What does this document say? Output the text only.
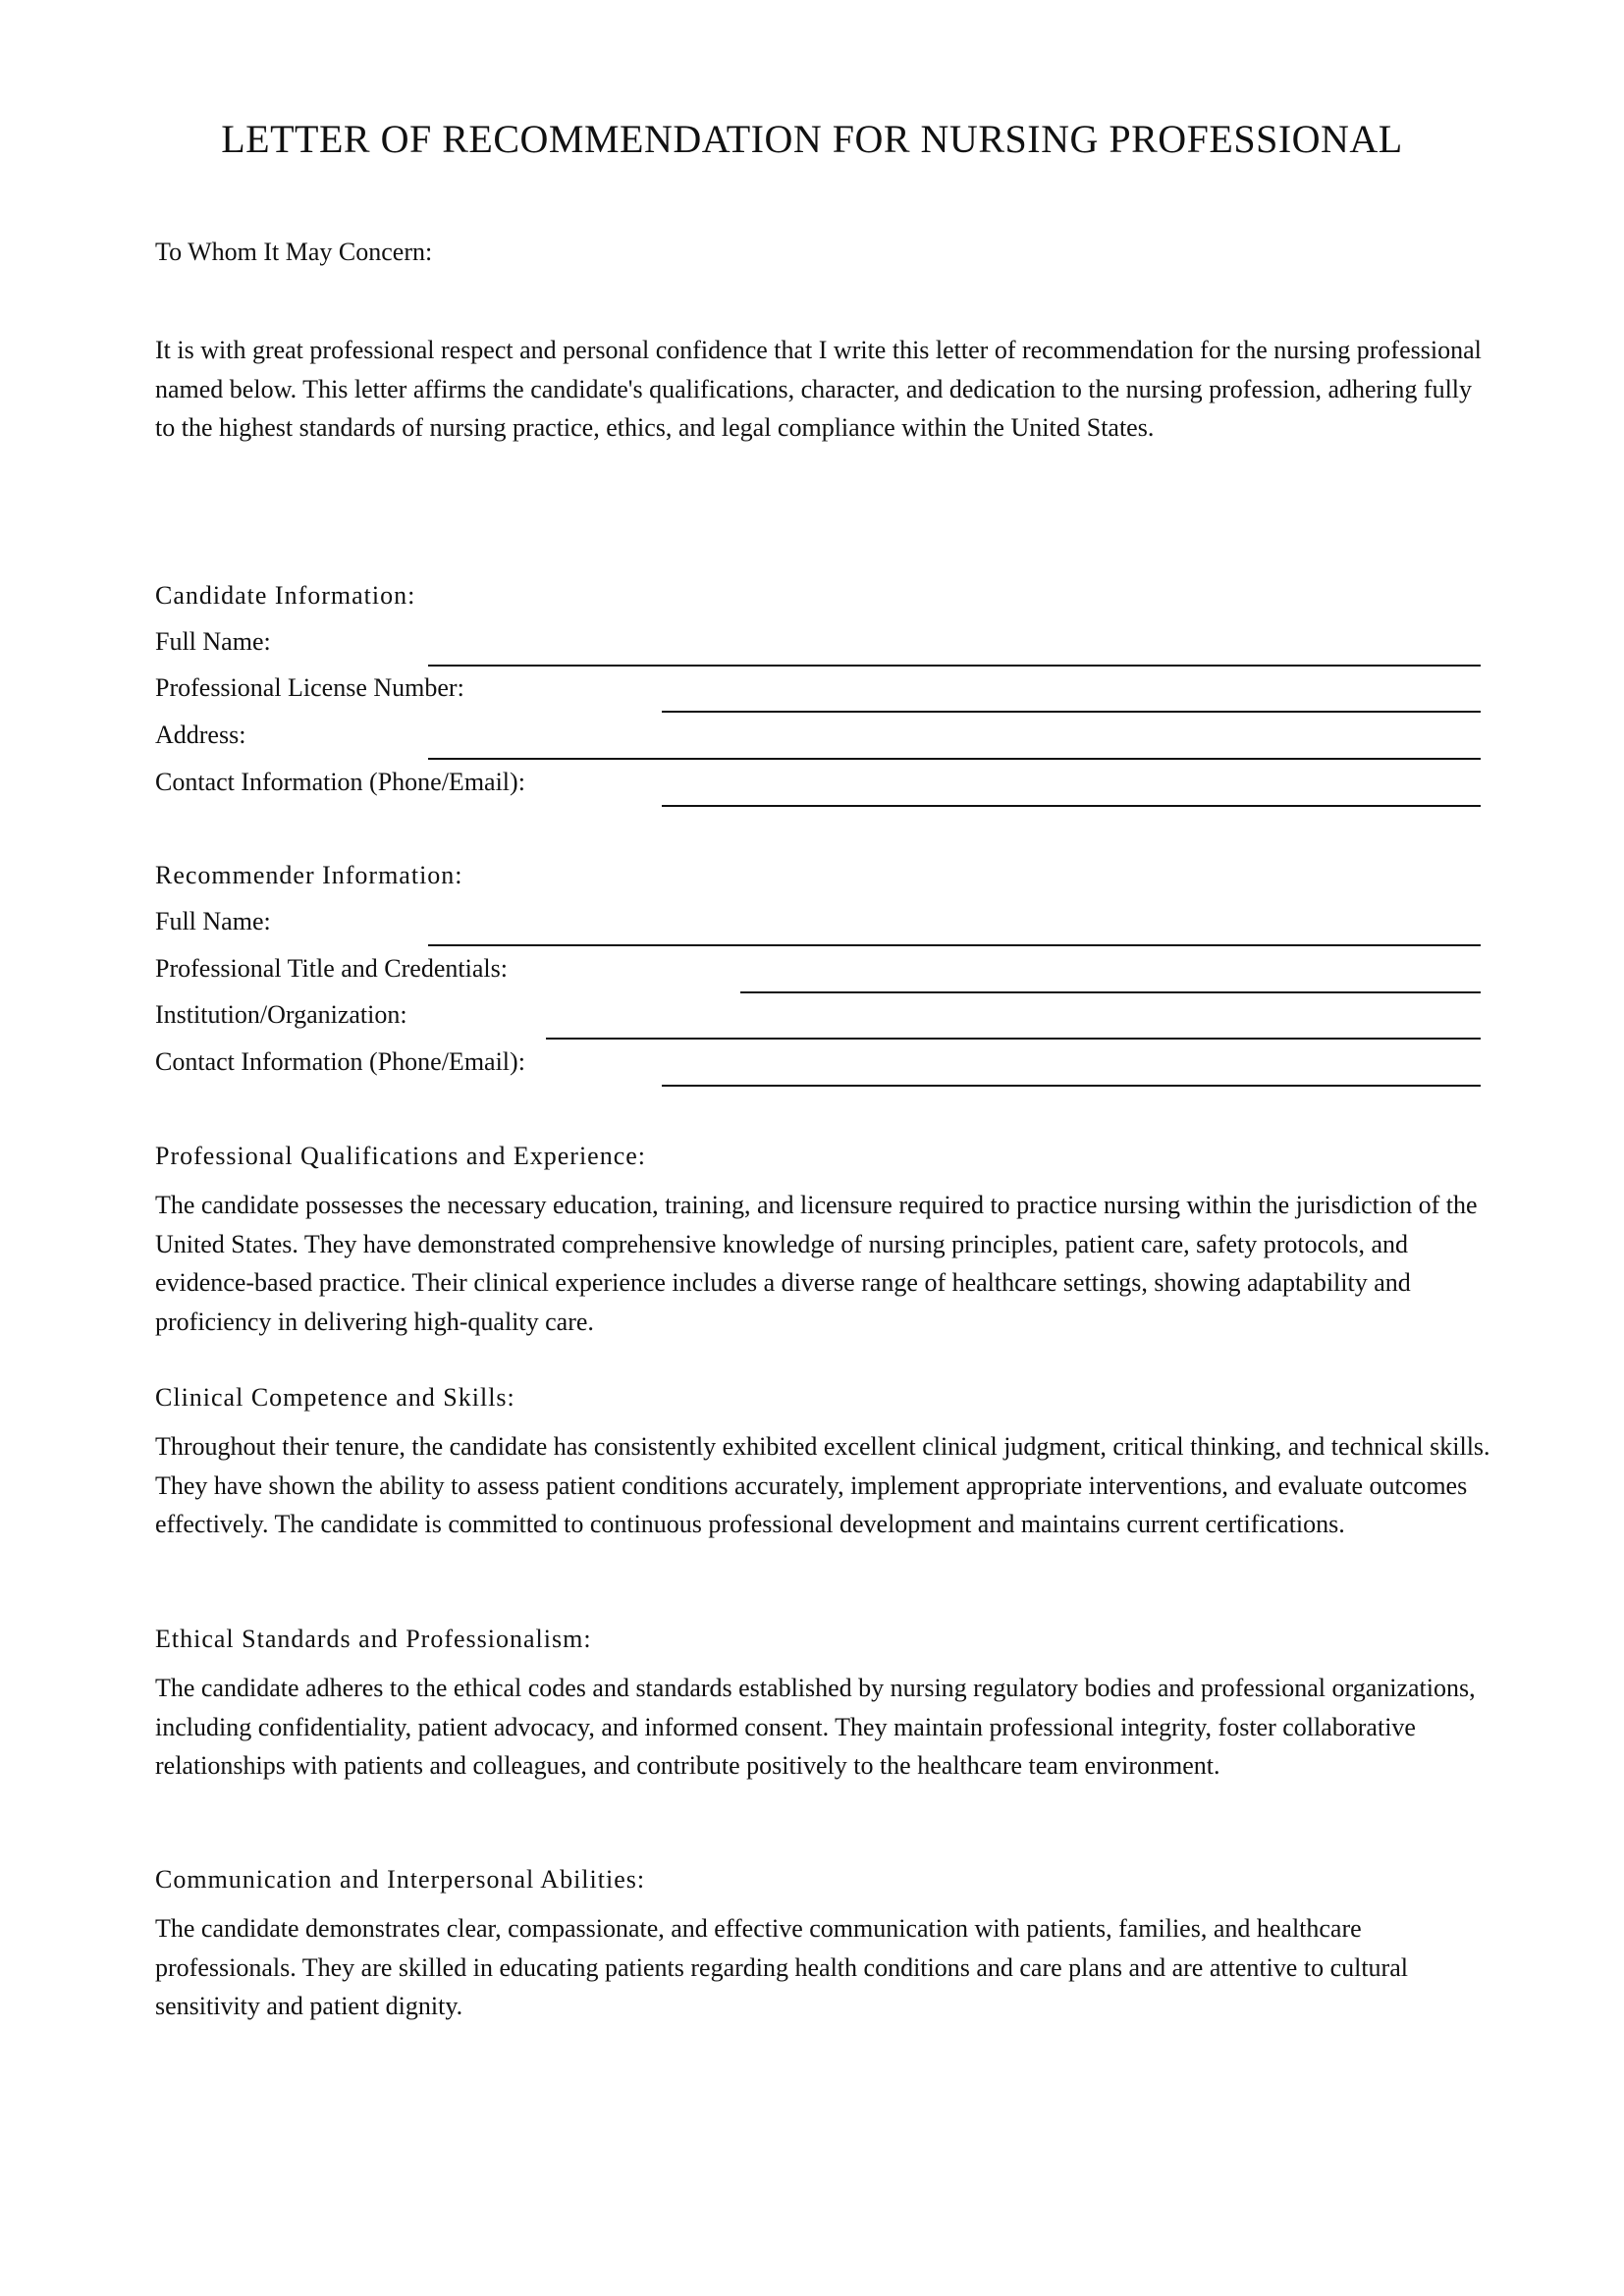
LETTER OF RECOMMENDATION FOR NURSING PROFESSIONAL

To Whom It May Concern:

It is with great professional respect and personal confidence that I write this letter of recommendation for the nursing professional named below. This letter affirms the candidate's qualifications, character, and dedication to the nursing profession, adhering fully to the highest standards of nursing practice, ethics, and legal compliance within the United States.

Candidate Information:
Full Name:
Professional License Number:
Address:
Contact Information (Phone/Email):
Recommender Information:
Full Name:
Professional Title and Credentials:
Institution/Organization:
Contact Information (Phone/Email):
Professional Qualifications and Experience:

The candidate possesses the necessary education, training, and licensure required to practice nursing within the jurisdiction of the United States. They have demonstrated comprehensive knowledge of nursing principles, patient care, safety protocols, and evidence-based practice. Their clinical experience includes a diverse range of healthcare settings, showing adaptability and proficiency in delivering high-quality care.

Clinical Competence and Skills:

Throughout their tenure, the candidate has consistently exhibited excellent clinical judgment, critical thinking, and technical skills. They have shown the ability to assess patient conditions accurately, implement appropriate interventions, and evaluate outcomes effectively. The candidate is committed to continuous professional development and maintains current certifications.

Ethical Standards and Professionalism:

The candidate adheres to the ethical codes and standards established by nursing regulatory bodies and professional organizations, including confidentiality, patient advocacy, and informed consent. They maintain professional integrity, foster collaborative relationships with patients and colleagues, and contribute positively to the healthcare team environment.

Communication and Interpersonal Abilities:

The candidate demonstrates clear, compassionate, and effective communication with patients, families, and healthcare professionals. They are skilled in educating patients regarding health conditions and care plans and are attentive to cultural sensitivity and patient dignity.
